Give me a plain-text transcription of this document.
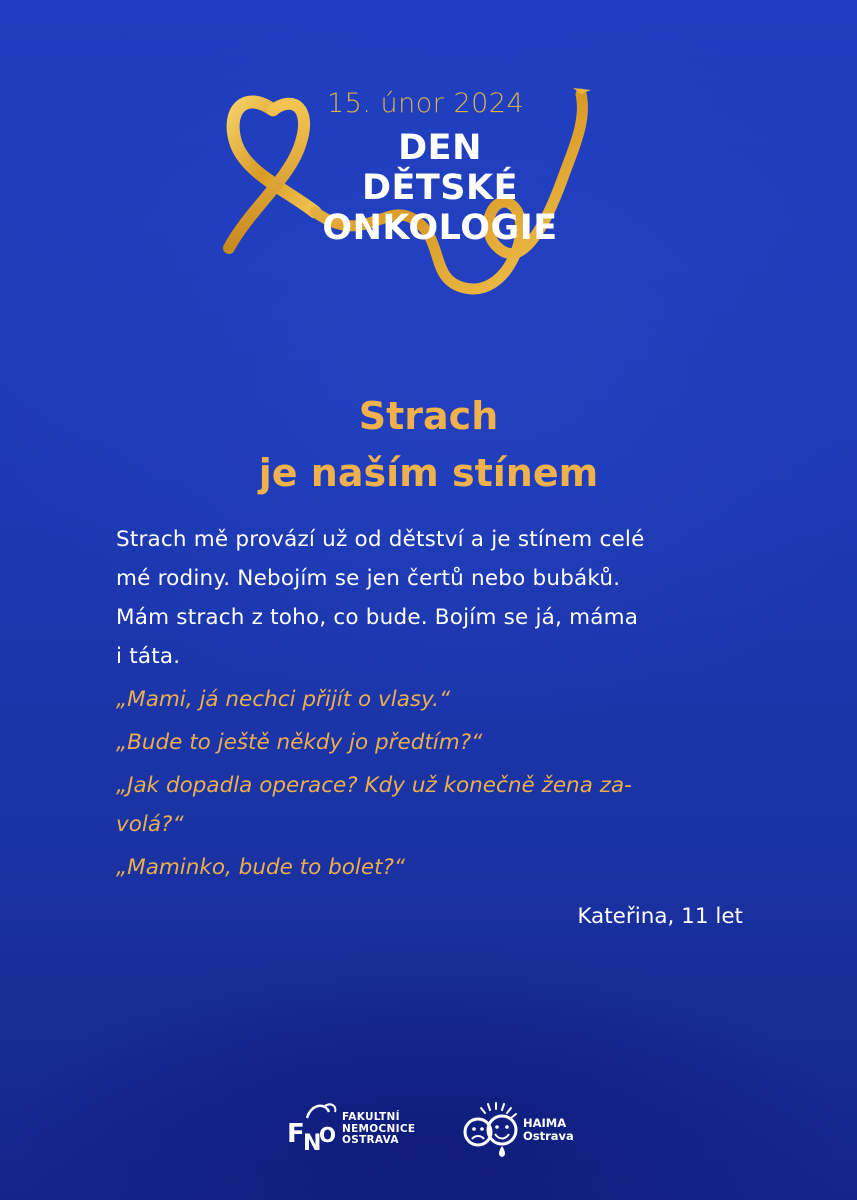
15. únor 2024
DEN
DĚTSKÉ
ONKOLOGIE
Strach
je naším stínem
Strach mě provází už od dětství a je stínem celé
mé rodiny. Nebojím se jen čertů nebo bubáků.
Mám strach z toho, co bude. Bojím se já, máma
i táta.
„Mami, já nechci přijít o vlasy.“
„Bude to ještě někdy jo předtím?“
„Jak dopadla operace? Kdy už konečně žena za-
volá?“
„Maminko, bude to bolet?“
Kateřina, 11 let
F
N
O
FAKULTNÍ
NEMOCNICE
OSTRAVA
HAIMA
Ostrava
